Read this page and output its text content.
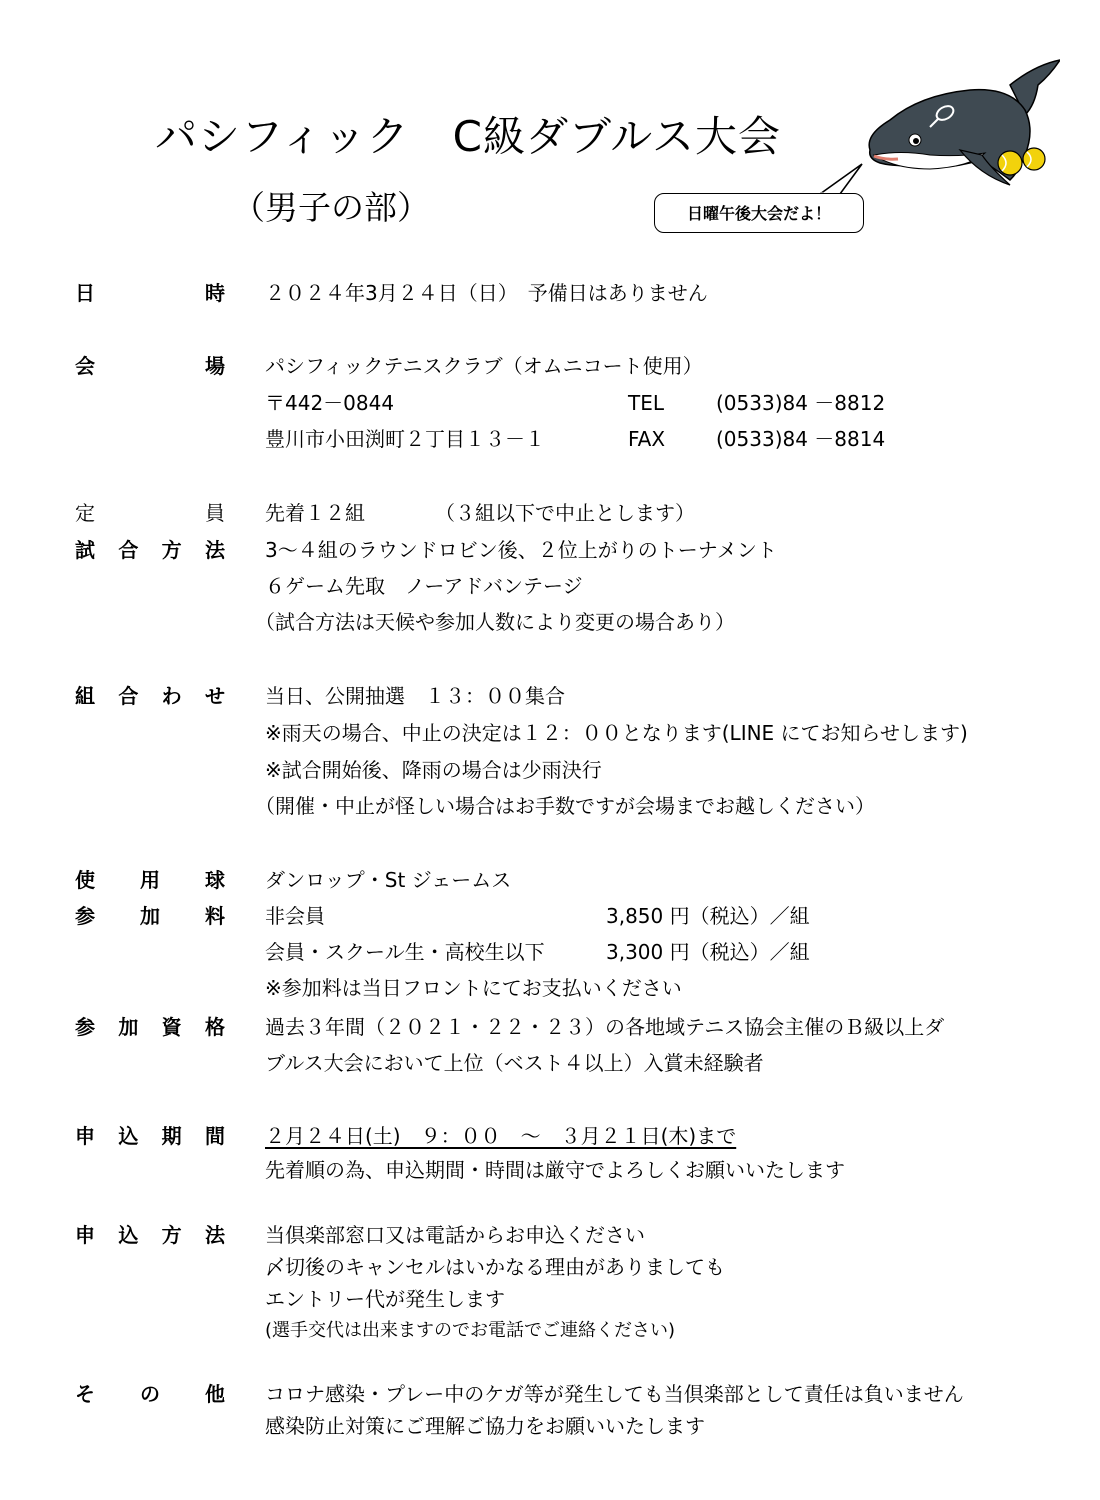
パシフィック　C級ダブルス大会
（男子の部）	日曜午後大会だよ！
日	時 ２０２４年3月２４日（日）　予備日はありません
会	場 パシフィックテニスクラブ（オムニコート使用）
〒442－0844
豊川市小田渕町２丁目１３－１
TEL	(0533)84 －8812
FAX	(0533)84 －8814
定	員 先着１２組	（３組以下で中止とします）
試 合 方 法 3～４組のラウンドロビン後、２位上がりのトーナメント
６ゲーム先取　ノーアドバンテージ
（試合方法は天候や参加人数により変更の場合あり）
組 合 わ せ 当日、公開抽選　１３：００集合
※雨天の場合、中止の決定は１２：００となります(LINE にてお知らせします)
※試合開始後、降雨の場合は少雨決行
（開催・中止が怪しい場合はお手数ですが会場までお越しください）
使 用 球 ダンロップ・St ジェームス
参 加 料 非会員	3,850 円（税込）／組
会員・スクール生・高校生以下	3,300 円（税込）／組
※参加料は当日フロントにてお支払いください
参 加 資 格 過去３年間（２０２１・２２・２３）の各地域テニス協会主催のＢ級以上ダ
ブルス大会において上位（ベスト４以上）入賞未経験者
申 込 期 間 ２月２４日(土)　９：００　～　３月２１日(木)まで
先着順の為、申込期間・時間は厳守でよろしくお願いいたします
申 込 方 法 当倶楽部窓口又は電話からお申込ください
〆切後のキャンセルはいかなる理由がありましても
エントリー代が発生します
(選手交代は出来ますのでお電話でご連絡ください)
そ の 他 コロナ感染・プレー中のケガ等が発生しても当倶楽部として責任は負いません
感染防止対策にご理解ご協力をお願いいたします
